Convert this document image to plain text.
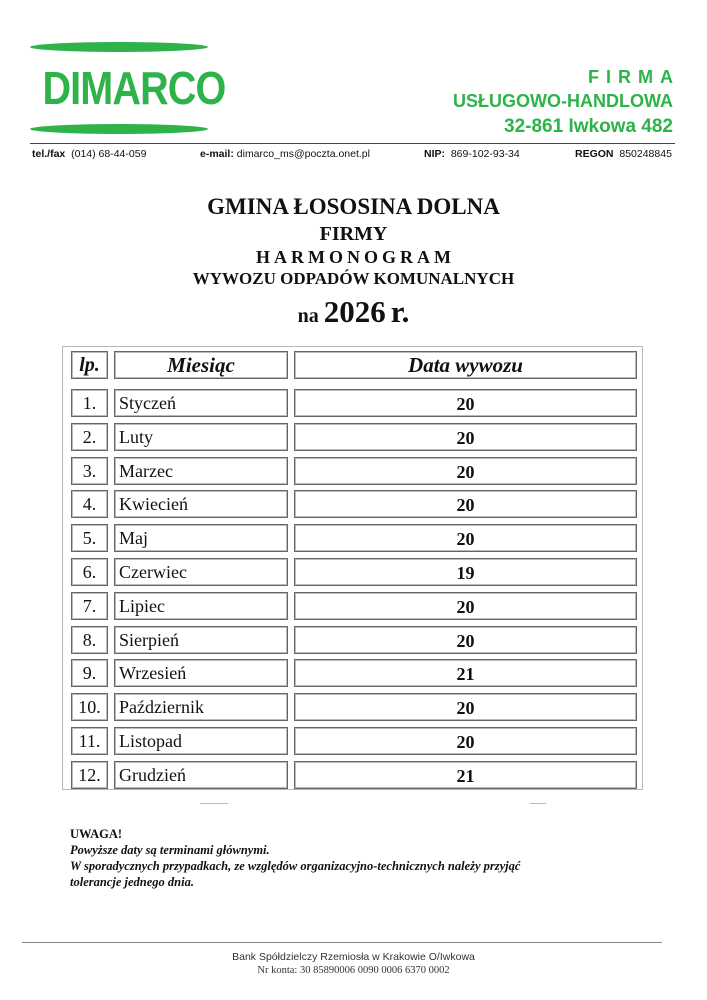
DIMARCO	FIRMA
USŁUGOWO-HANDLOWA
32-861 Iwkowa 482
tel./fax (014) 68-44-059	e-mail: dimarco_ms@poczta.onet.pl	NIP: 869-102-93-34	REGON 850248845
GMINA ŁOSOSINA DOLNA
FIRMY
HARMONOGRAM
WYWOZU ODPADÓW KOMUNALNYCH
na 2026 r.
lp.	Miesiąc	Data wywozu
1.	Styczeń	20
2.	Luty	20
3.	Marzec	20
4.	Kwiecień	20
5.	Maj	20
6.	Czerwiec	19
7.	Lipiec	20
8.	Sierpień	20
9.	Wrzesień	21
10.	Październik	20
11.	Listopad	20
12.	Grudzień	21
UWAGA!
Powyższe daty są terminami głównymi.
W sporadycznych przypadkach, ze względów organizacyjno-technicznych należy przyjąć
tolerancje jednego dnia.
Bank Spółdzielczy Rzemiosła w Krakowie O/Iwkowa
Nr konta: 30 85890006 0090 0006 6370 0002
